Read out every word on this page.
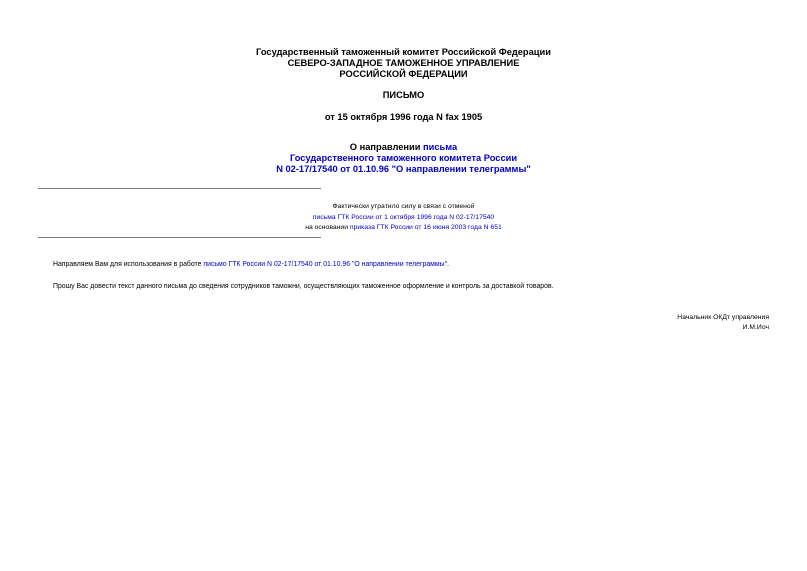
Государственный таможенный комитет Российской Федерации
СЕВЕРО-ЗАПАДНОЕ ТАМОЖЕННОЕ УПРАВЛЕНИЕ
РОССИЙСКОЙ ФЕДЕРАЦИИ
ПИСЬМО
от 15 октября 1996 года N fax 1905
О направлении письма
Государственного таможенного комитета России
N 02-17/17540 от 01.10.96 "О направлении телеграммы"
Фактически утратило силу в связи с отменой
письма ГТК России от 1 октября 1996 года N 02-17/17540
на основании приказа ГТК России от 16 июня 2003 года N 651
Направляем Вам для использования в работе письмо ГТК России N 02-17/17540 от 01.10.96 "О направлении телеграммы".
Прошу Вас довести текст данного письма до сведения сотрудников таможни, осуществляющих таможенное оформление и контроль за доставкой товаров.
Начальник ОКДт управления
И.М.Иоч
